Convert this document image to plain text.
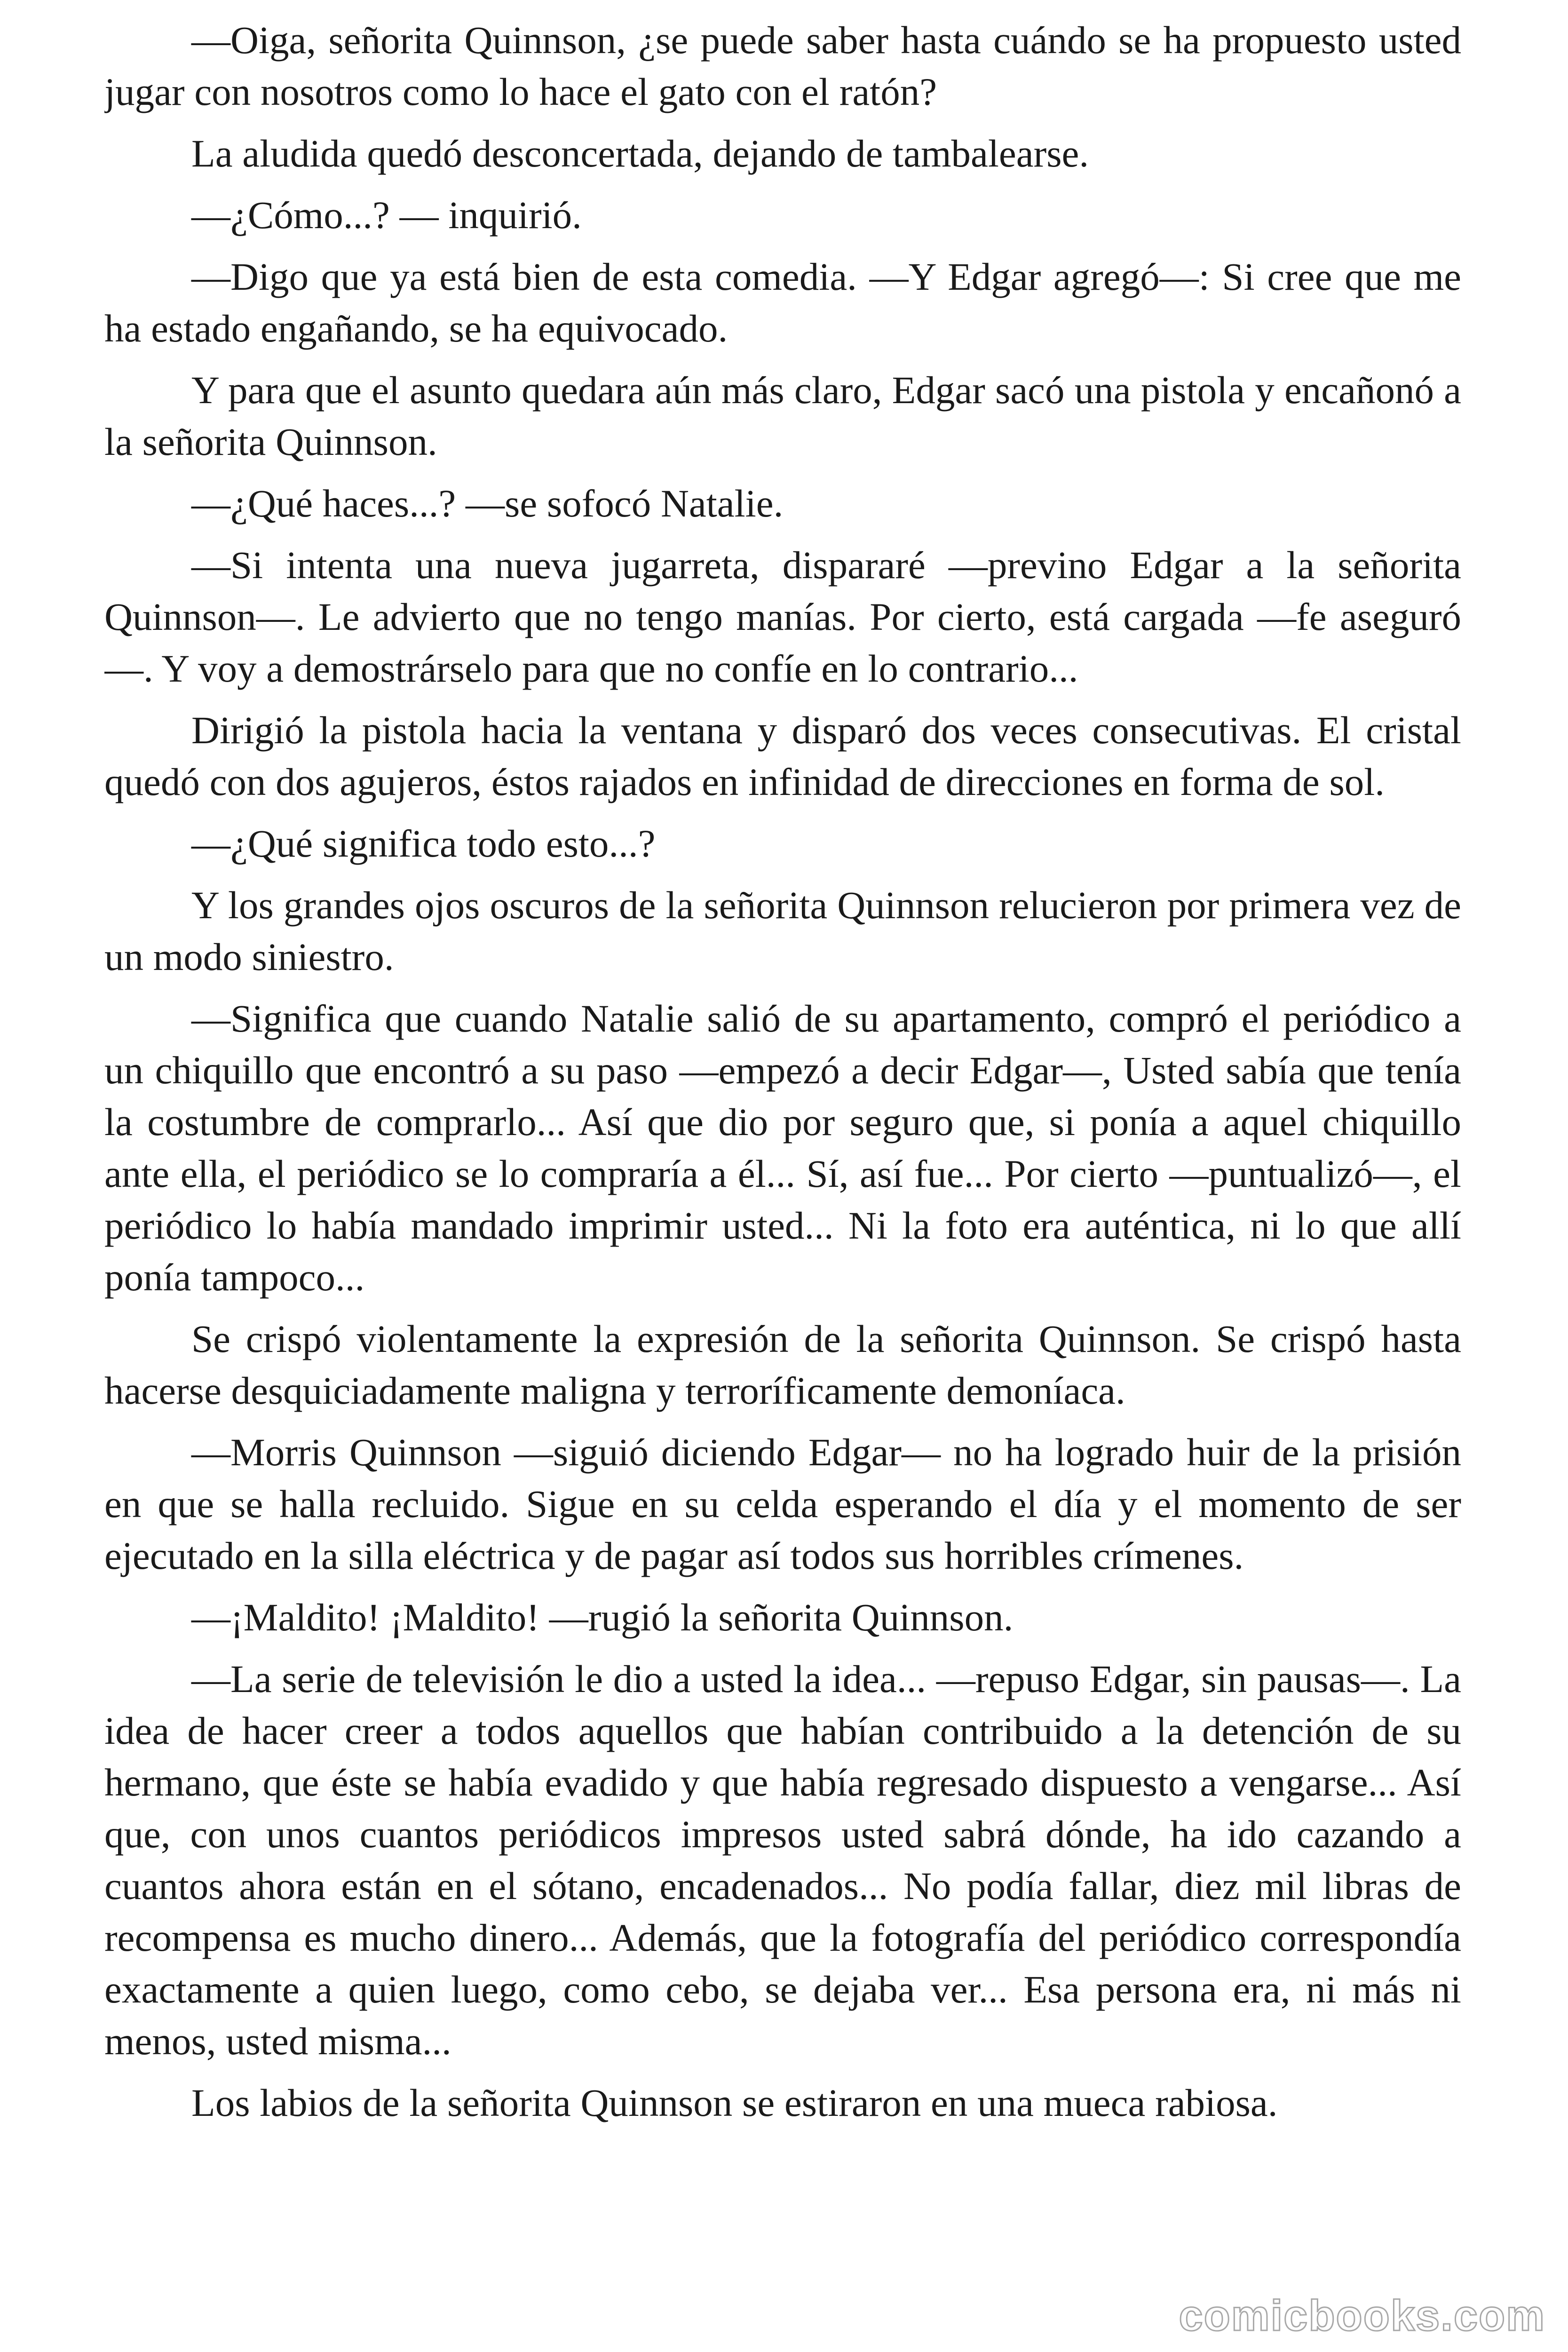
—Oiga, señorita Quinnson, ¿se puede saber hasta cuándo se ha propuesto usted jugar con nosotros como lo hace el gato con el ratón?

La aludida quedó desconcertada, dejando de tambalearse.

—¿Cómo...? — inquirió.

—Digo que ya está bien de esta comedia. —Y Edgar agregó—: Si cree que me ha estado engañando, se ha equivocado.

Y para que el asunto quedara aún más claro, Edgar sacó una pistola y encañonó a la señorita Quinnson.

—¿Qué haces...? —se sofocó Natalie.

—Si intenta una nueva jugarreta, dispararé —previno Edgar a la señorita Quinnson—. Le advierto que no tengo manías. Por cierto, está cargada —fe aseguró—. Y voy a demostrárselo para que no confíe en lo contrario...

Dirigió la pistola hacia la ventana y disparó dos veces consecutivas. El cristal quedó con dos agujeros, éstos rajados en infinidad de direcciones en forma de sol.

—¿Qué significa todo esto...?

Y los grandes ojos oscuros de la señorita Quinnson relucieron por primera vez de un modo siniestro.

—Significa que cuando Natalie salió de su apartamento, compró el periódico a un chiquillo que encontró a su paso —empezó a decir Edgar—, Usted sabía que tenía la costumbre de comprarlo... Así que dio por seguro que, si ponía a aquel chiquillo ante ella, el periódico se lo compraría a él... Sí, así fue... Por cierto —puntualizó—, el periódico lo había mandado imprimir usted... Ni la foto era auténtica, ni lo que allí ponía tampoco...

Se crispó violentamente la expresión de la señorita Quinnson. Se crispó hasta hacerse desquiciadamente maligna y terroríficamente demoníaca.

—Morris Quinnson —siguió diciendo Edgar— no ha logrado huir de la prisión en que se halla recluido. Sigue en su celda esperando el día y el momento de ser ejecutado en la silla eléctrica y de pagar así todos sus horribles crímenes.

—¡Maldito! ¡Maldito! —rugió la señorita Quinnson.

—La serie de televisión le dio a usted la idea... —repuso Edgar, sin pausas—. La idea de hacer creer a todos aquellos que habían contribuido a la detención de su hermano, que éste se había evadido y que había regresado dispuesto a vengarse... Así que, con unos cuantos periódicos impresos usted sabrá dónde, ha ido cazando a cuantos ahora están en el sótano, encadenados... No podía fallar, diez mil libras de recompensa es mucho dinero... Además, que la fotografía del periódico correspondía exactamente a quien luego, como cebo, se dejaba ver... Esa persona era, ni más ni menos, usted misma...

Los labios de la señorita Quinnson se estiraron en una mueca rabiosa.

comicbooks.com
